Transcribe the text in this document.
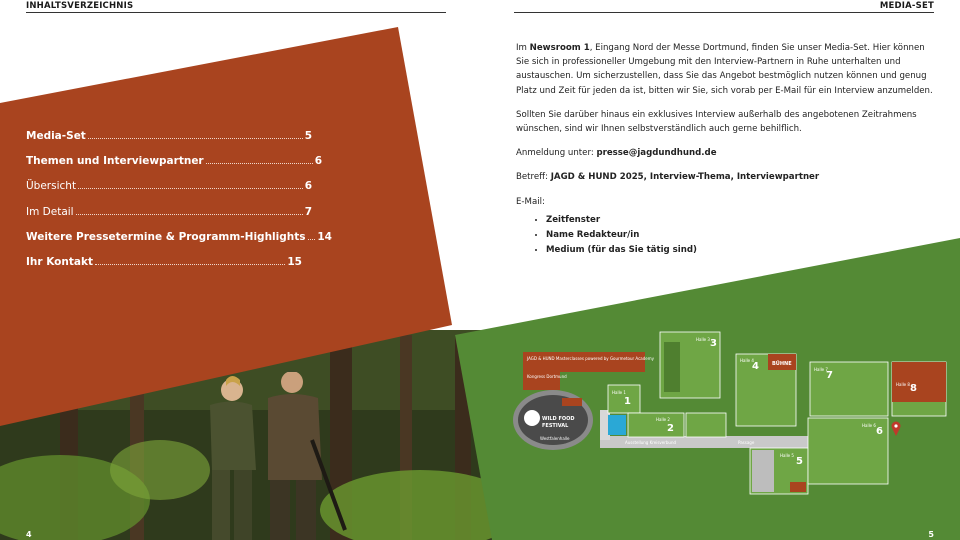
INHALTSVERZEICHNIS	MEDIA-SET
Media-Set	5
Themen und Interviewpartner	6
Übersicht	6
Im Detail	7
Weitere Pressetermine & Programm-Highlights 14
Ihr Kontakt	15

Im Newsroom 1, Eingang Nord der Messe Dortmund, finden Sie unser Media-Set. Hier können Sie sich in professioneller Umgebung mit den Interview-Partnern in Ruhe unterhalten und austauschen. Um sicherzustellen, dass Sie das Angebot bestmöglich nutzen können und genug Platz und Zeit für jeden da ist, bitten wir Sie, sich vorab per E-Mail für ein Interview anzumelden.

Sollten Sie darüber hinaus ein exklusives Interview außerhalb des angebotenen Zeitrahmens wünschen, sind wir Ihnen selbstverständlich auch gerne behilflich.

Anmeldung unter: presse@jagdundhund.de

Betreff: JAGD & HUND 2025, Interview-Thema, Interviewpartner

E-Mail:

• Zeitfenster
• Name Redakteur/in
• Medium (für das Sie tätig sind)
Passage
Ausstellung Kreisverbund
JAGD & HUND Masterclasses powered by Gourmetour Academy
Kongress Dortmund
WILD FOOD
FESTIVAL
Westfalenhalle
Halle 1
1
Halle 2
2
Halle 3 3
Halle 4
4	BÜHNE
Halle 5
5
Halle 6
6
Halle 7
7
Halle 8 8
4	5
